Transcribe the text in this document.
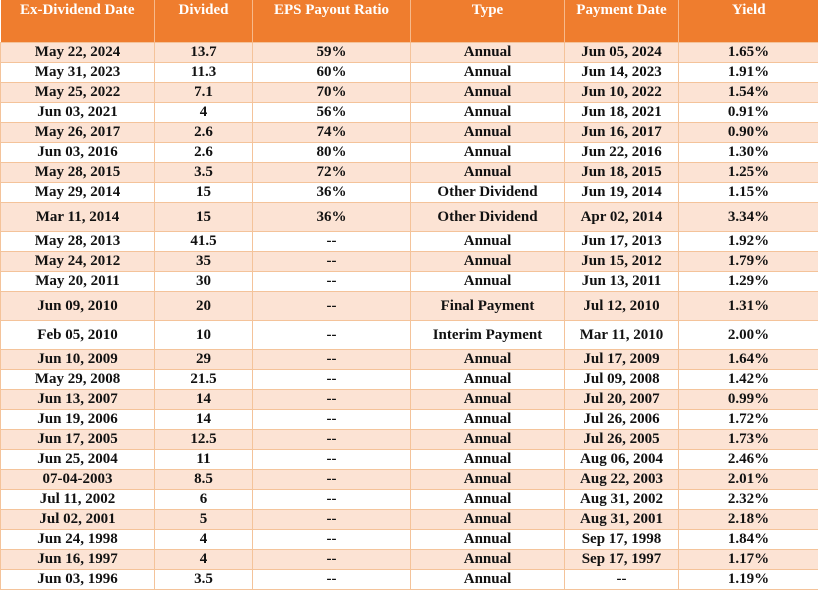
Ex-Dividend Date	Divided	EPS Payout Ratio	Type	Payment Date	Yield
May 22, 2024	13.7	59%	Annual	Jun 05, 2024	1.65%
May 31, 2023	11.3	60%	Annual	Jun 14, 2023	1.91%
May 25, 2022	7.1	70%	Annual	Jun 10, 2022	1.54%
Jun 03, 2021	4	56%	Annual	Jun 18, 2021	0.91%
May 26, 2017	2.6	74%	Annual	Jun 16, 2017	0.90%
Jun 03, 2016	2.6	80%	Annual	Jun 22, 2016	1.30%
May 28, 2015	3.5	72%	Annual	Jun 18, 2015	1.25%
May 29, 2014	15	36%	Other Dividend	Jun 19, 2014	1.15%
Mar 11, 2014	15	36%	Other Dividend	Apr 02, 2014	3.34%
May 28, 2013	41.5	--	Annual	Jun 17, 2013	1.92%
May 24, 2012	35	--	Annual	Jun 15, 2012	1.79%
May 20, 2011	30	--	Annual	Jun 13, 2011	1.29%
Jun 09, 2010	20	--	Final Payment	Jul 12, 2010	1.31%
Feb 05, 2010	10	--	Interim Payment	Mar 11, 2010	2.00%
Jun 10, 2009	29	--	Annual	Jul 17, 2009	1.64%
May 29, 2008	21.5	--	Annual	Jul 09, 2008	1.42%
Jun 13, 2007	14	--	Annual	Jul 20, 2007	0.99%
Jun 19, 2006	14	--	Annual	Jul 26, 2006	1.72%
Jun 17, 2005	12.5	--	Annual	Jul 26, 2005	1.73%
Jun 25, 2004	11	--	Annual	Aug 06, 2004	2.46%
07-04-2003	8.5	--	Annual	Aug 22, 2003	2.01%
Jul 11, 2002	6	--	Annual	Aug 31, 2002	2.32%
Jul 02, 2001	5	--	Annual	Aug 31, 2001	2.18%
Jun 24, 1998	4	--	Annual	Sep 17, 1998	1.84%
Jun 16, 1997	4	--	Annual	Sep 17, 1997	1.17%
Jun 03, 1996	3.5	--	Annual	--	1.19%
